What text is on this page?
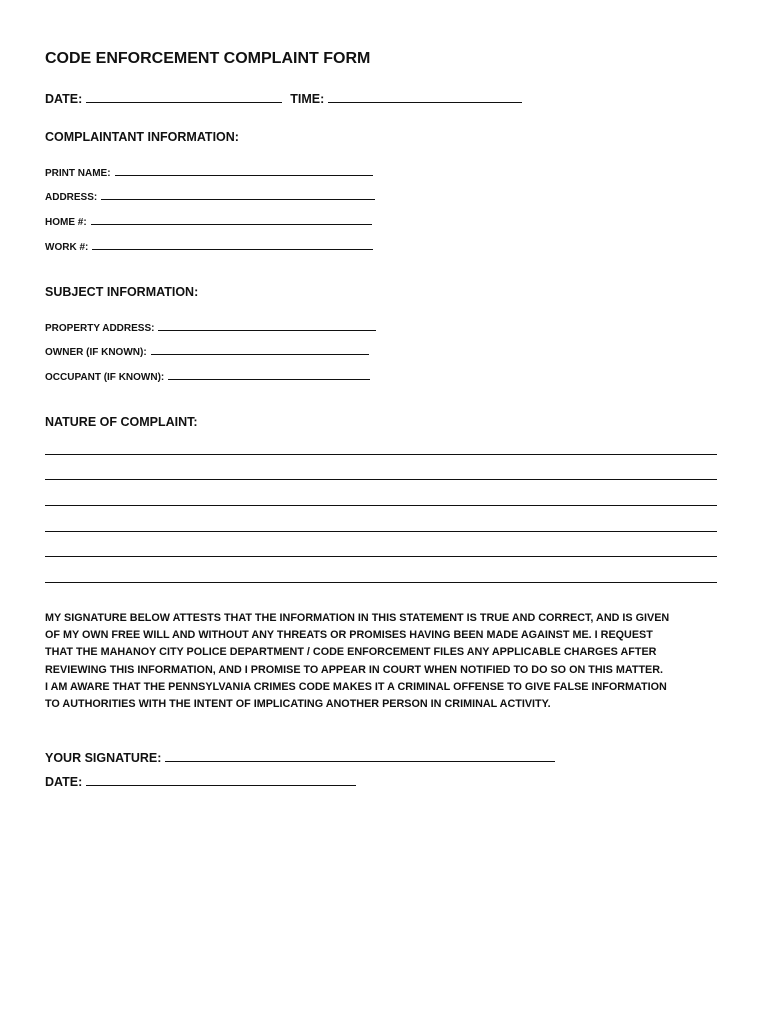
CODE ENFORCEMENT COMPLAINT FORM
DATE:	TIME:
COMPLAINTANT INFORMATION:
PRINT NAME:
ADDRESS:
HOME #:
WORK #:
SUBJECT INFORMATION:
PROPERTY ADDRESS:
OWNER (IF KNOWN):
OCCUPANT (IF KNOWN):
NATURE OF COMPLAINT:
MY SIGNATURE BELOW ATTESTS THAT THE INFORMATION IN THIS STATEMENT IS TRUE AND CORRECT, AND IS GIVEN
OF MY OWN FREE WILL AND WITHOUT ANY THREATS OR PROMISES HAVING BEEN MADE AGAINST ME. I REQUEST
THAT THE MAHANOY CITY POLICE DEPARTMENT / CODE ENFORCEMENT FILES ANY APPLICABLE CHARGES AFTER
REVIEWING THIS INFORMATION, AND I PROMISE TO APPEAR IN COURT WHEN NOTIFIED TO DO SO ON THIS MATTER.
I AM AWARE THAT THE PENNSYLVANIA CRIMES CODE MAKES IT A CRIMINAL OFFENSE TO GIVE FALSE INFORMATION
TO AUTHORITIES WITH THE INTENT OF IMPLICATING ANOTHER PERSON IN CRIMINAL ACTIVITY.
YOUR SIGNATURE:
DATE:
